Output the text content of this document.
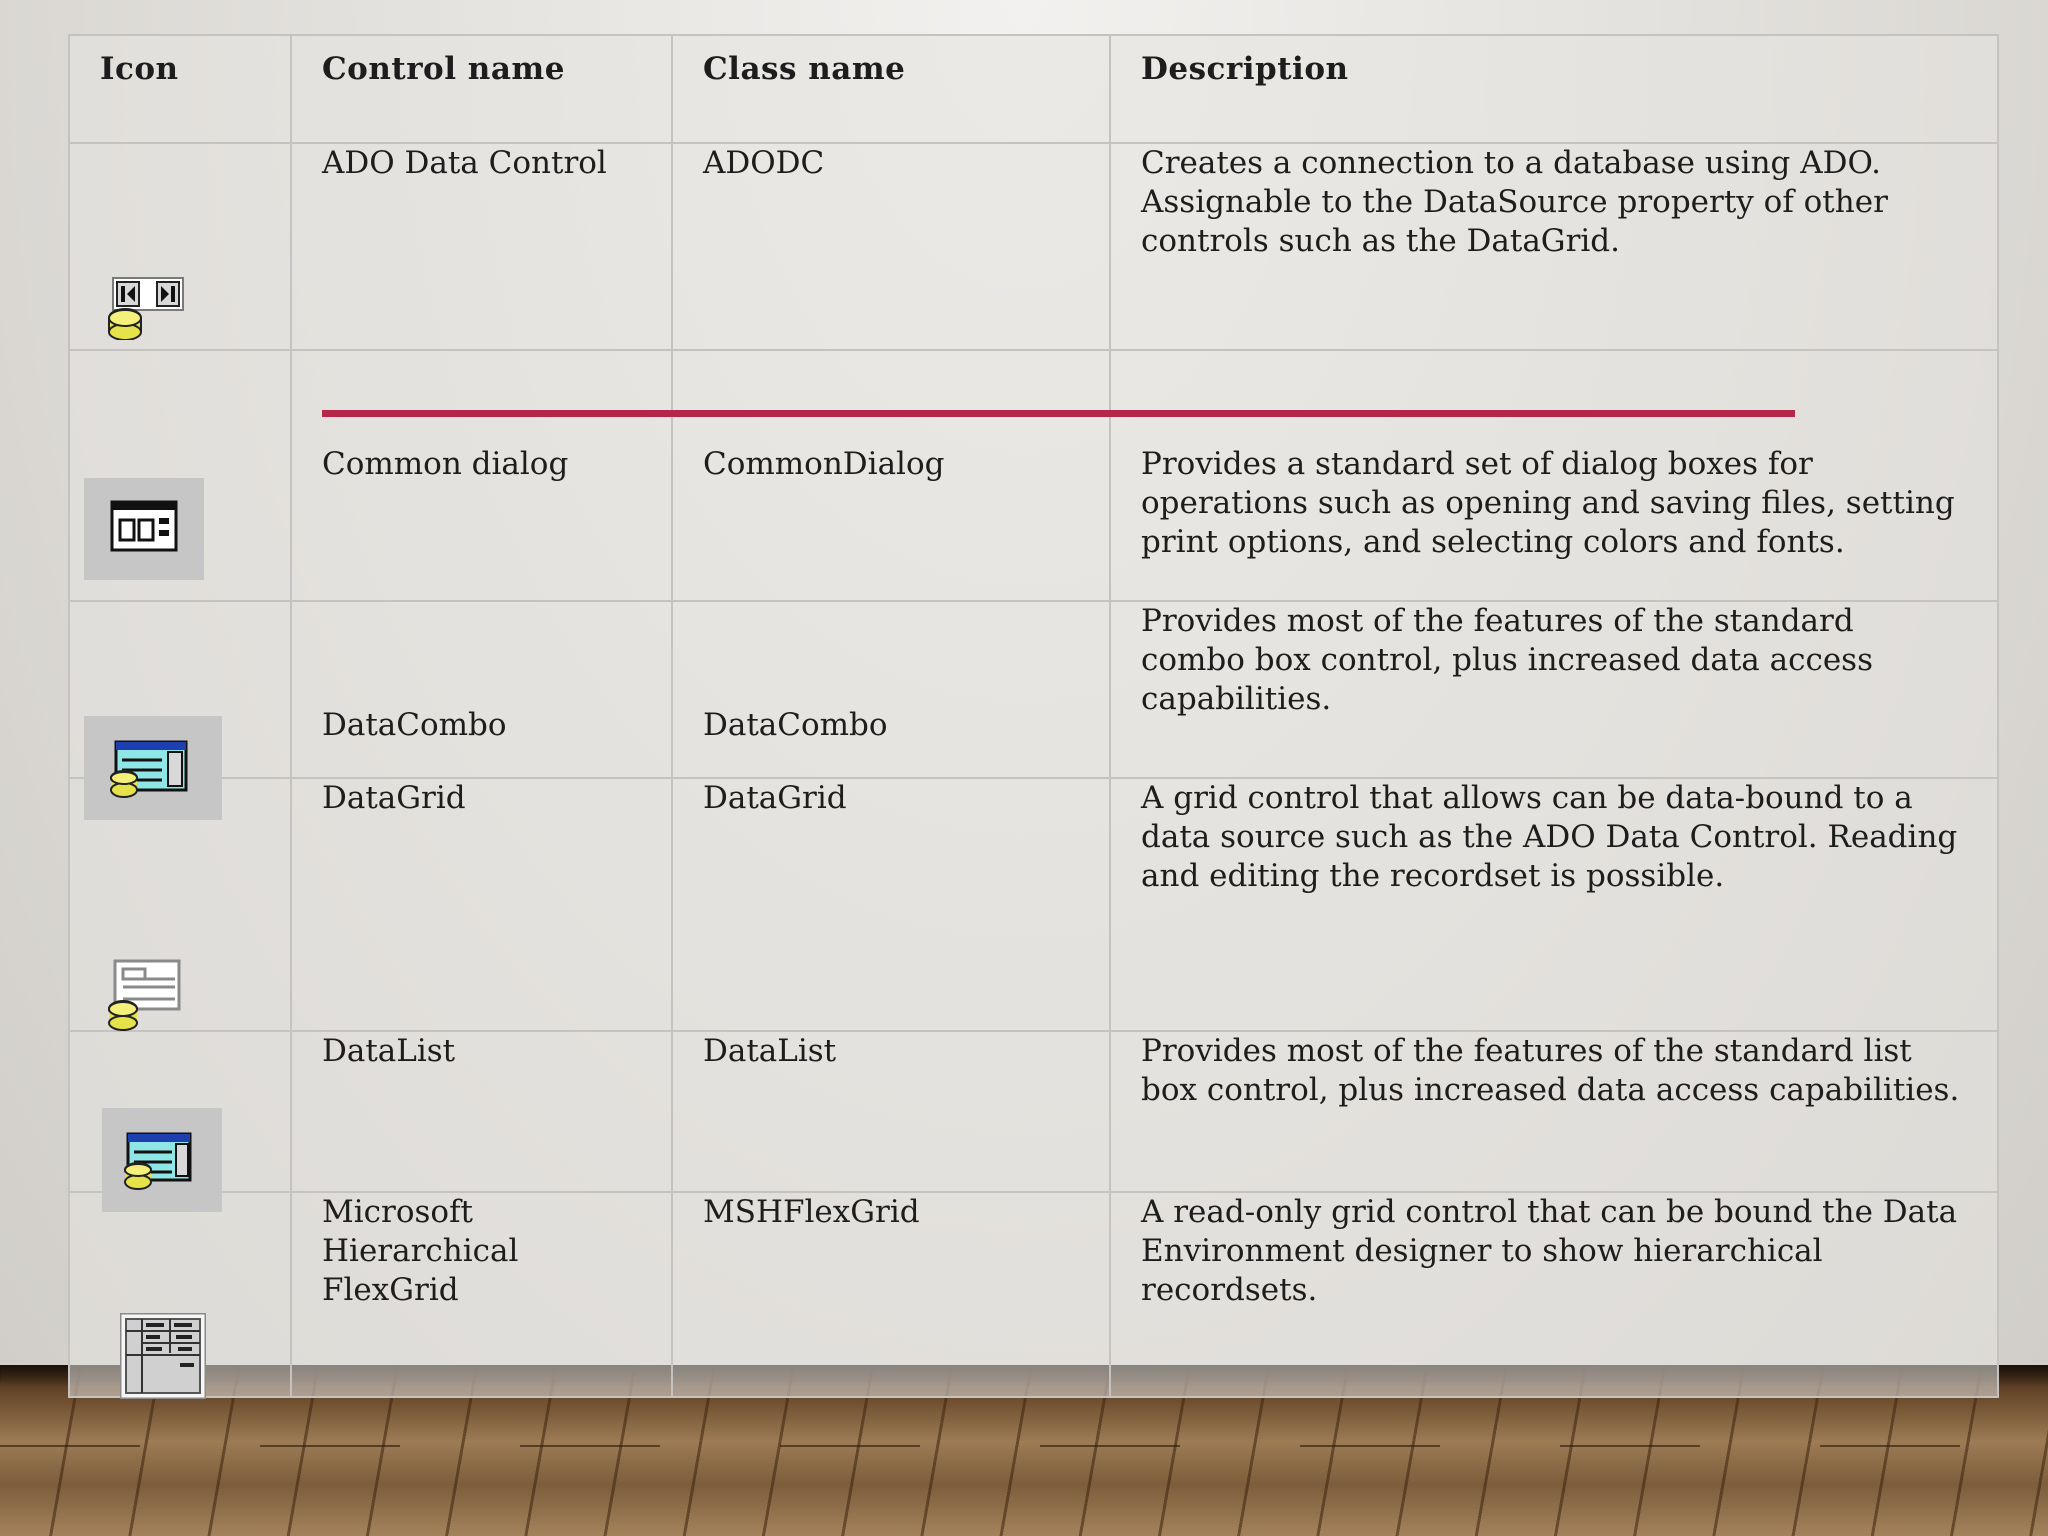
Icon	Control name	Class name	Description

	ADO Data Control	ADODC	Creates a connection to a database using ADO. Assignable to the DataSource property of other controls such as the DataGrid.

	Common dialog	CommonDialog	Provides a standard set of dialog boxes for operations such as opening and saving files, setting print options, and selecting colors and fonts.

	DataCombo	DataCombo	Provides most of the features of the standard combo box control, plus increased data access capabilities.

	DataGrid	DataGrid	A grid control that allows can be data-bound to a data source such as the ADO Data Control. Reading and editing the recordset is possible.

	DataList	DataList	Provides most of the features of the standard list box control, plus increased data access capabilities.

	Microsoft Hierarchical FlexGrid	MSHFlexGrid	A read-only grid control that can be bound the Data Environment designer to show hierarchical recordsets.
